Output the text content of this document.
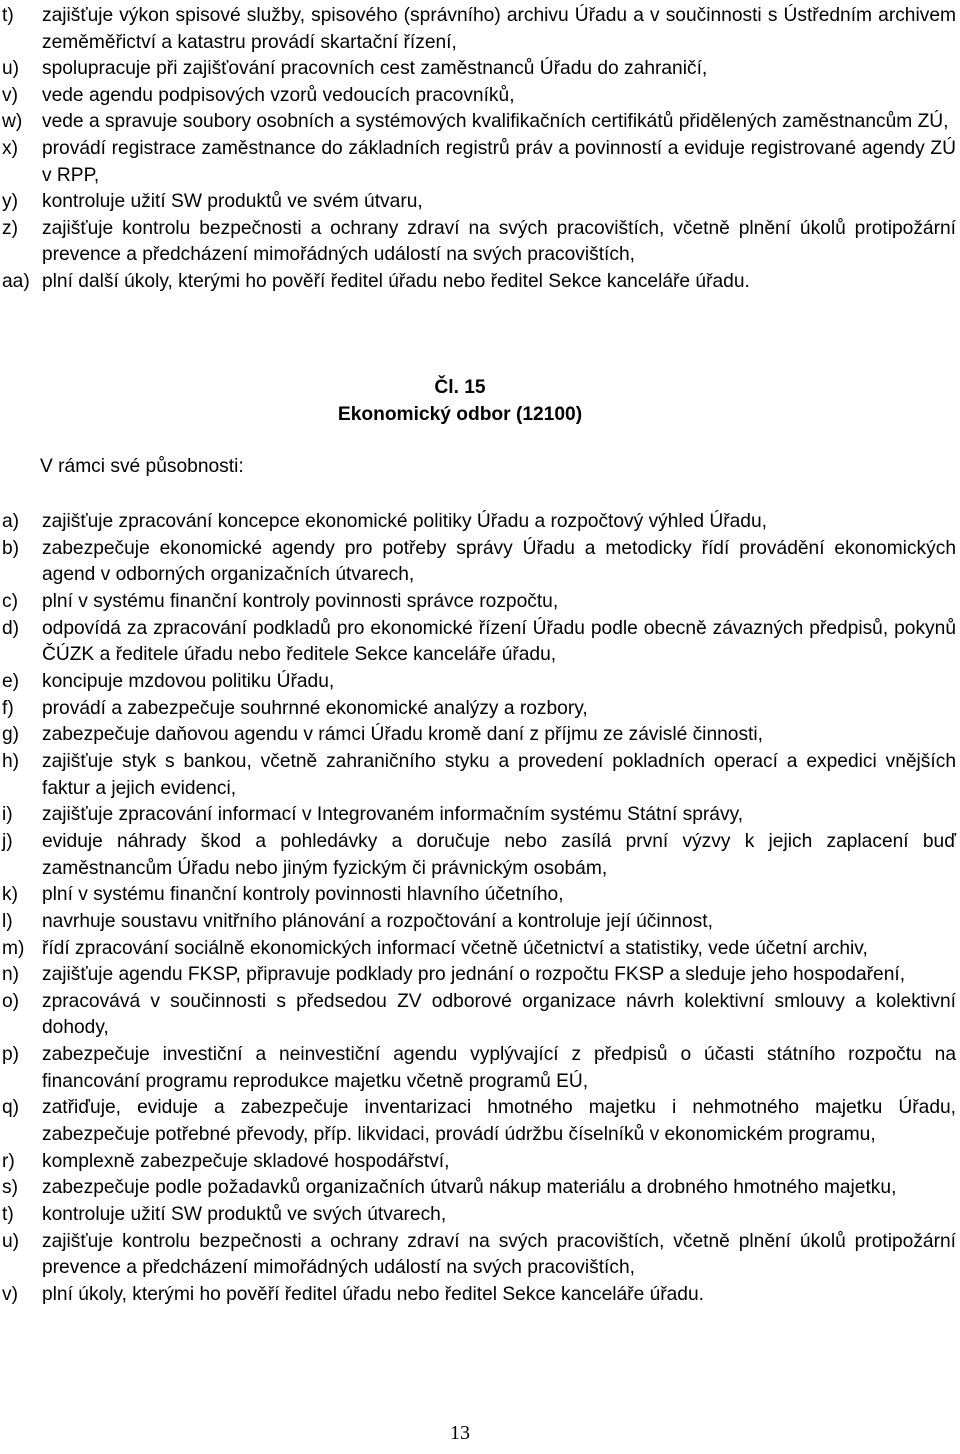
t)	zajišťuje výkon spisové služby, spisového (správního) archivu Úřadu a v součinnosti s Ústředním archivem zeměměřictví a katastru provádí skartační řízení,
u)	spolupracuje při zajišťování pracovních cest zaměstnanců Úřadu do zahraničí,
v)	vede agendu podpisových vzorů vedoucích pracovníků,
w)	vede a spravuje soubory osobních a systémových kvalifikačních certifikátů přidělených zaměstnancům ZÚ,
x)	provádí registrace zaměstnance do základních registrů práv a povinností a eviduje registrované agendy ZÚ v RPP,
y)	kontroluje užití SW produktů ve svém útvaru,
z)	zajišťuje kontrolu bezpečnosti a ochrany zdraví na svých pracovištích, včetně plnění úkolů protipožární prevence a předcházení mimořádných událostí na svých pracovištích,
aa) plní další úkoly, kterými ho pověří ředitel úřadu nebo ředitel Sekce kanceláře úřadu.
Čl. 15
Ekonomický odbor (12100)
V rámci své působnosti:
a)	zajišťuje zpracování koncepce ekonomické politiky Úřadu a rozpočtový výhled Úřadu,
b)	zabezpečuje ekonomické agendy pro potřeby správy Úřadu a metodicky řídí provádění ekonomických agend v odborných organizačních útvarech,
c)	plní v systému finanční kontroly povinnosti správce rozpočtu,
d)	odpovídá za zpracování podkladů pro ekonomické řízení Úřadu podle obecně závazných předpisů, pokynů ČÚZK a ředitele úřadu nebo ředitele Sekce kanceláře úřadu,
e)	koncipuje mzdovou politiku Úřadu,
f)	provádí a zabezpečuje souhrnné ekonomické analýzy a rozbory,
g)	zabezpečuje daňovou agendu v rámci Úřadu kromě daní z příjmu ze závislé činnosti,
h)	zajišťuje styk s bankou, včetně zahraničního styku a provedení pokladních operací a expedici vnějších faktur a jejich evidenci,
i)	zajišťuje zpracování informací v Integrovaném informačním systému Státní správy,
j)	eviduje náhrady škod a pohledávky a doručuje nebo zasílá první výzvy k jejich zaplacení buď zaměstnancům Úřadu nebo jiným fyzickým či právnickým osobám,
k)	plní v systému finanční kontroly povinnosti hlavního účetního,
l)	navrhuje soustavu vnitřního plánování a rozpočtování a kontroluje její účinnost,
m) řídí zpracování sociálně ekonomických informací včetně účetnictví a statistiky, vede účetní archiv,
n)	zajišťuje agendu FKSP, připravuje podklady pro jednání o rozpočtu FKSP a sleduje jeho hospodaření,
o)	zpracovává v součinnosti s předsedou ZV odborové organizace návrh kolektivní smlouvy a kolektivní dohody,
p)	zabezpečuje investiční a neinvestiční agendu vyplývající z předpisů o účasti státního rozpočtu na financování programu reprodukce majetku včetně programů EÚ,
q)	zatřiďuje, eviduje a zabezpečuje inventarizaci hmotného majetku i nehmotného majetku Úřadu, zabezpečuje potřebné převody, příp. likvidaci, provádí údržbu číselníků v ekonomickém programu,
r)	komplexně zabezpečuje skladové hospodářství,
s)	zabezpečuje podle požadavků organizačních útvarů nákup materiálu a drobného hmotného majetku,
t)	kontroluje užití SW produktů ve svých útvarech,
u)	zajišťuje kontrolu bezpečnosti a ochrany zdraví na svých pracovištích, včetně plnění úkolů protipožární prevence a předcházení mimořádných událostí na svých pracovištích,
v)	plní úkoly, kterými ho pověří ředitel úřadu nebo ředitel Sekce kanceláře úřadu.
13
